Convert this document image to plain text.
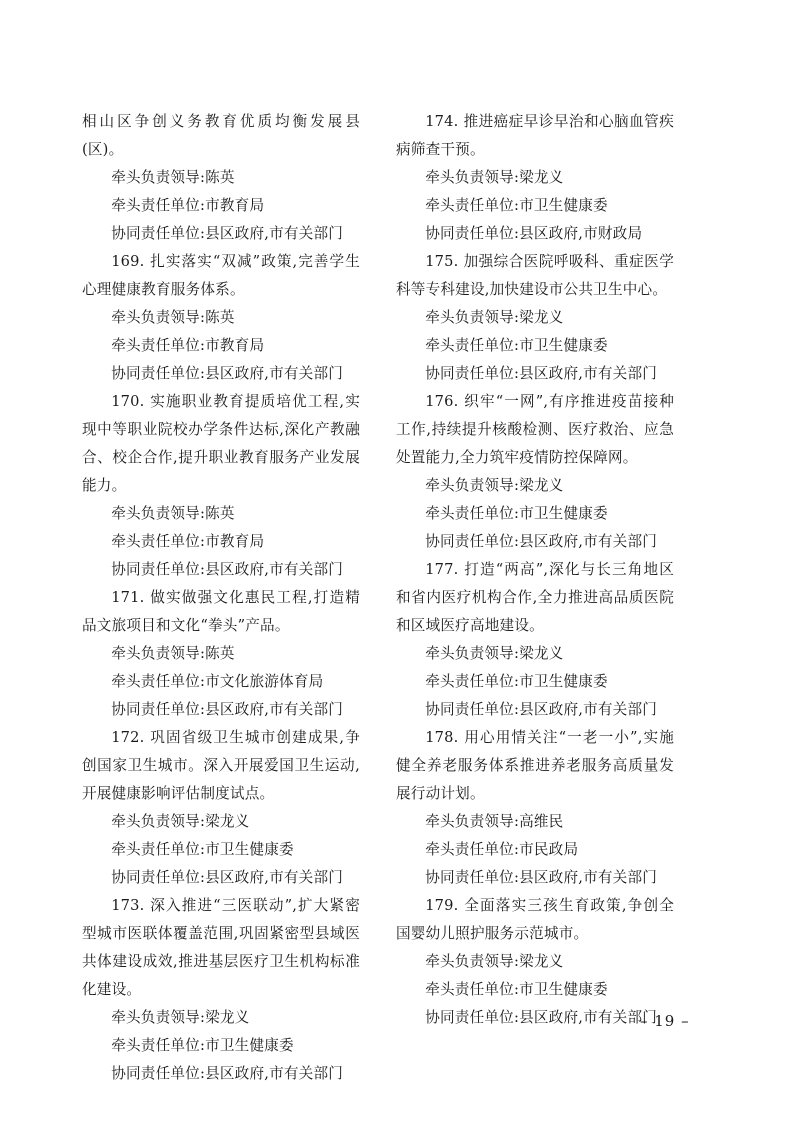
相山区争创义务教育优质均衡发展县(区)。

牵头负责领导:陈英

牵头责任单位:市教育局

协同责任单位:县区政府,市有关部门

169. 扎实落实“双减”政策,完善学生心理健康教育服务体系。

牵头负责领导:陈英

牵头责任单位:市教育局

协同责任单位:县区政府,市有关部门

170. 实施职业教育提质培优工程,实现中等职业院校办学条件达标,深化产教融合、校企合作,提升职业教育服务产业发展能力。

牵头负责领导:陈英

牵头责任单位:市教育局

协同责任单位:县区政府,市有关部门

171. 做实做强文化惠民工程,打造精品文旅项目和文化“拳头”产品。

牵头负责领导:陈英

牵头责任单位:市文化旅游体育局

协同责任单位:县区政府,市有关部门

172. 巩固省级卫生城市创建成果,争创国家卫生城市。深入开展爱国卫生运动,开展健康影响评估制度试点。

牵头负责领导:梁龙义

牵头责任单位:市卫生健康委

协同责任单位:县区政府,市有关部门

173. 深入推进“三医联动”,扩大紧密型城市医联体覆盖范围,巩固紧密型县域医共体建设成效,推进基层医疗卫生机构标准化建设。

牵头负责领导:梁龙义

牵头责任单位:市卫生健康委

协同责任单位:县区政府,市有关部门

174. 推进癌症早诊早治和心脑血管疾病筛查干预。

牵头负责领导:梁龙义

牵头责任单位:市卫生健康委

协同责任单位:县区政府,市财政局

175. 加强综合医院呼吸科、重症医学科等专科建设,加快建设市公共卫生中心。

牵头负责领导:梁龙义

牵头责任单位:市卫生健康委

协同责任单位:县区政府,市有关部门

176. 织牢“一网”,有序推进疫苗接种工作,持续提升核酸检测、医疗救治、应急处置能力,全力筑牢疫情防控保障网。

牵头负责领导:梁龙义

牵头责任单位:市卫生健康委

协同责任单位:县区政府,市有关部门

177. 打造“两高”,深化与长三角地区和省内医疗机构合作,全力推进高品质医院和区域医疗高地建设。

牵头负责领导:梁龙义

牵头责任单位:市卫生健康委

协同责任单位:县区政府,市有关部门

178. 用心用情关注“一老一小”,实施健全养老服务体系推进养老服务高质量发展行动计划。

牵头负责领导:高维民

牵头责任单位:市民政局

协同责任单位:县区政府,市有关部门

179. 全面落实三孩生育政策,争创全国婴幼儿照护服务示范城市。

牵头负责领导:梁龙义

牵头责任单位:市卫生健康委

协同责任单位:县区政府,市有关部门

– 19 –
